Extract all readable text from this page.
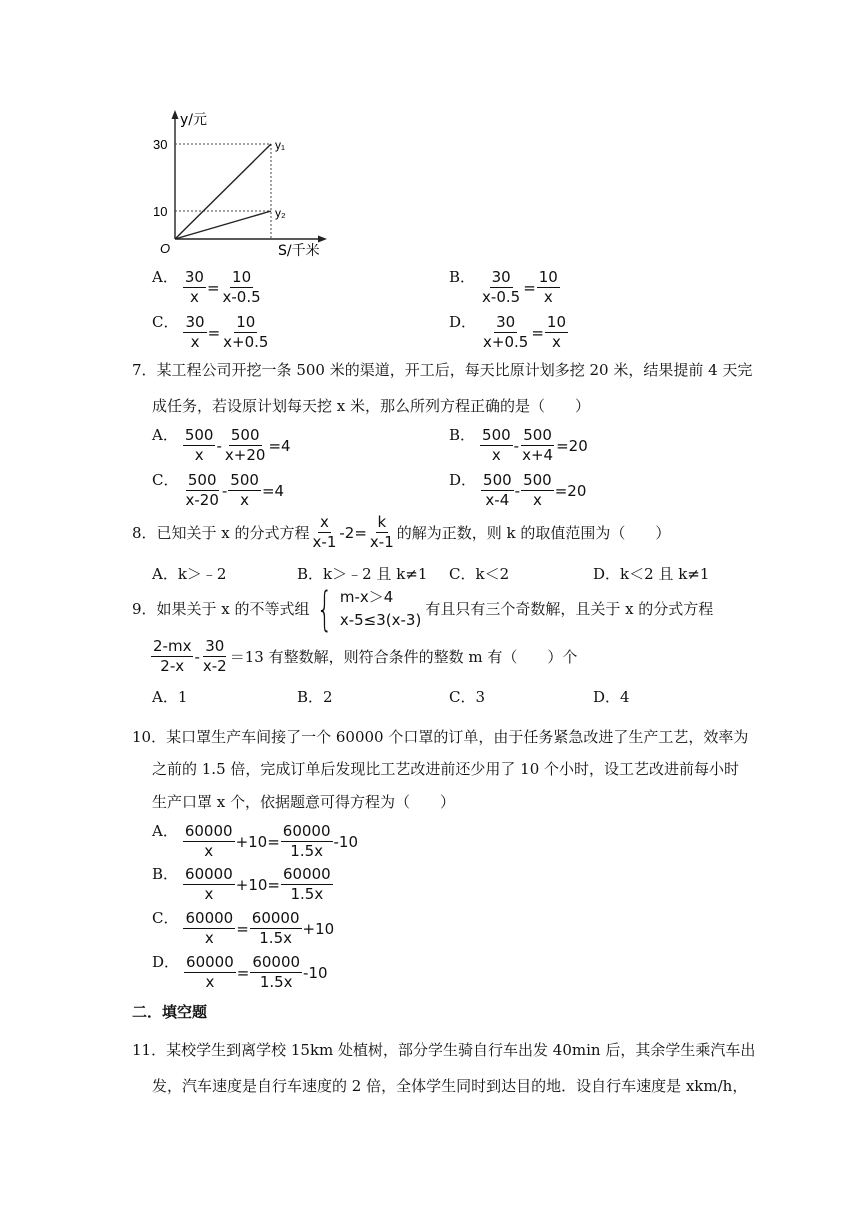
30
10
O
y/元
S/千米
y₁
y₂
A． $\frac{30}{x} = \frac{10}{x-0.5}$	B． $\frac{30}{x-0.5} = \frac{10}{x}$
C． $\frac{30}{x} = \frac{10}{x+0.5}$	D． $\frac{30}{x+0.5} = \frac{10}{x}$
7．某工程公司开挖一条 500 米的渠道，开工后，每天比原计划多挖 20 米，结果提前 4 天完
成任务，若设原计划每天挖 x 米，那么所列方程正确的是（　　）
A． $\frac{500}{x} - \frac{500}{x+20} =4$
B． $\frac{500}{x} - \frac{500}{x+4} =20$
C． $\frac{500}{x-20} - \frac{500}{x} =4$
D． $\frac{500}{x-4} - \frac{500}{x} =20$
8．已知关于 x 的分式方程 $\frac{x}{x-1} -2= \frac{k}{x-1}$ 的解为正数，则 k 的取值范围为（　　）
A．k＞﹣2	B．k＞﹣2 且 k≠1 C．k＜2	D．k＜2 且 k≠1
9．如果关于 x 的不等式组 { m-x＞4
x-5≤3(x-3)
有且只有三个奇数解，且关于 x 的分式方程
$\frac{2-mx}{2-x} - \frac{30}{x-2} =13$ 有整数解，则符合条件的整数 m 有（　　）个
A．1	B．2	C．3	D．4
10．某口罩生产车间接了一个 60000 个口罩的订单，由于任务紧急改进了生产工艺，效率为
之前的 1.5 倍，完成订单后发现比工艺改进前还少用了 10 个小时，设工艺改进前每小时
生产口罩 x 个，依据题意可得方程为（　　）
A． $\frac{60000}{x} +10= \frac{60000}{1.5x} -10$
B． $\frac{60000}{x} +10= \frac{60000}{1.5x}$
C． $\frac{60000}{x} = \frac{60000}{1.5x} +10$
D． $\frac{60000}{x} = \frac{60000}{1.5x} -10$
二．填空题
11．某校学生到离学校 15km 处植树，部分学生骑自行车出发 40min 后，其余学生乘汽车出
发，汽车速度是自行车速度的 2 倍，全体学生同时到达目的地．设自行车速度是 xkm/h，
